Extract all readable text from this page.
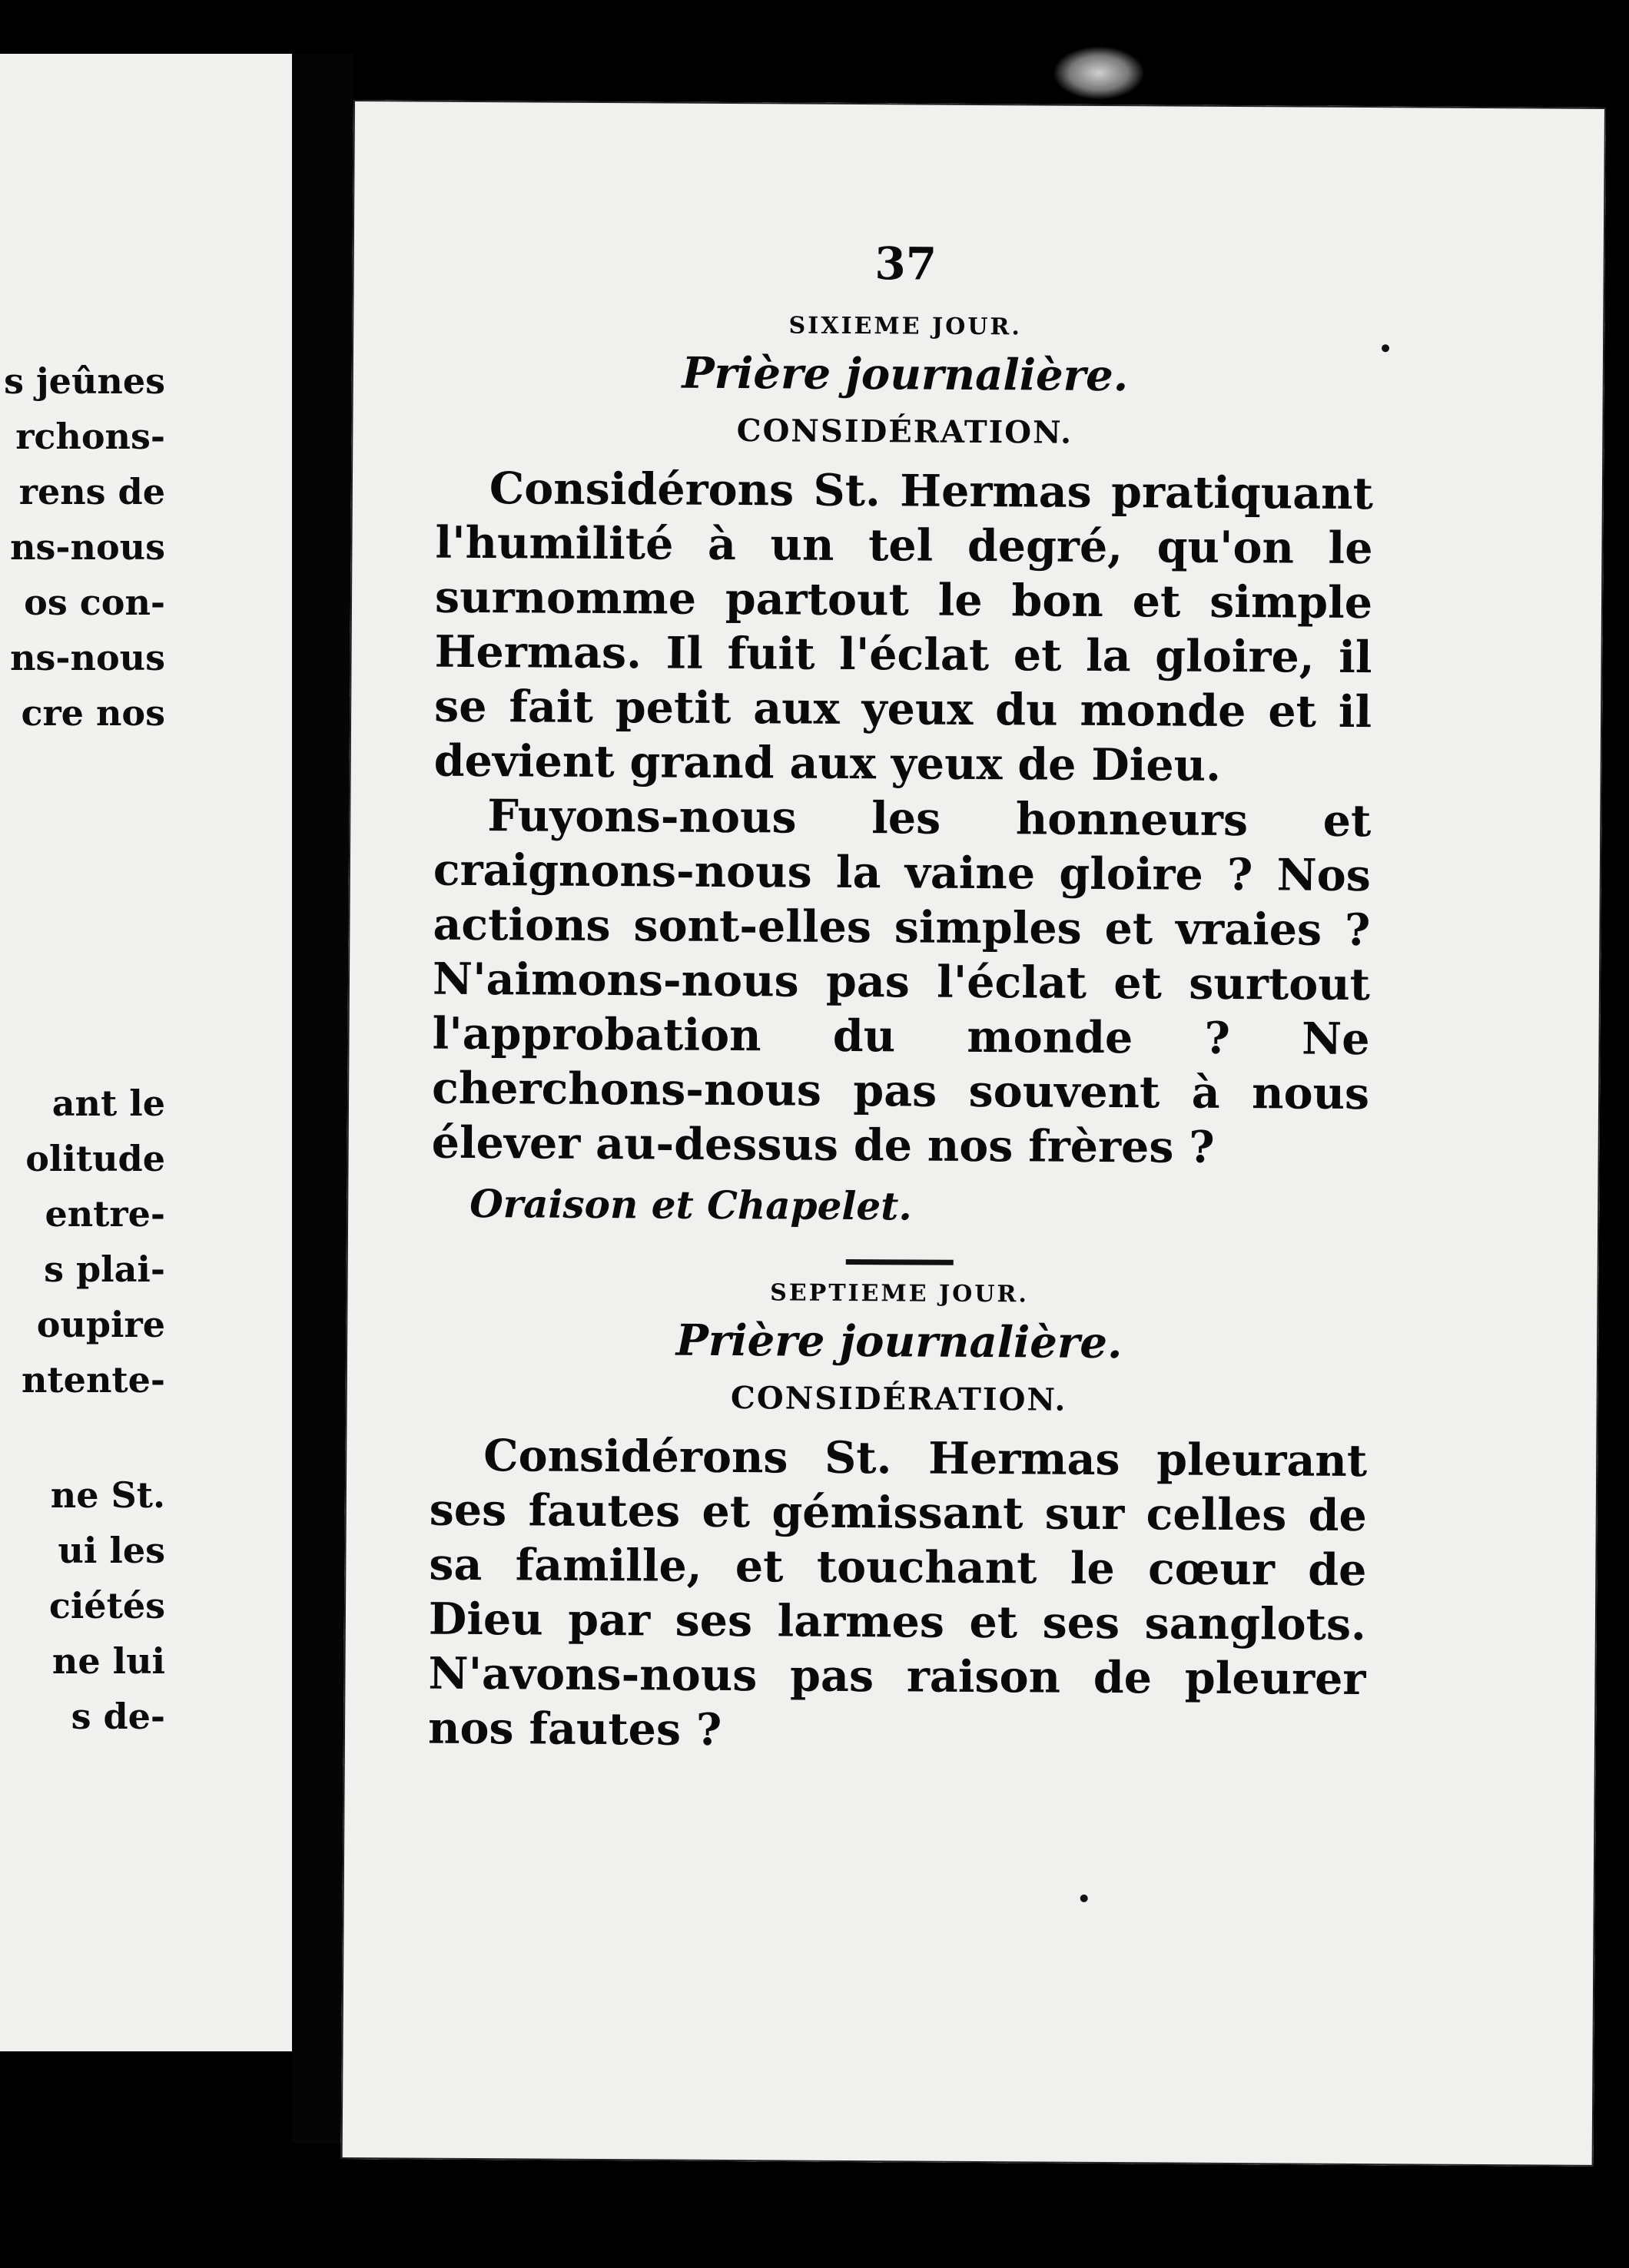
s jeûnes
rchons-
rens de
ns-nous
os con-
ns-nous
cre nos
ant le
olitude
entre-
s plai-
oupire
ntente-
ne St.
ui les
ciétés
ne lui
s de-
37
SIXIEME JOUR.
Prière journalière.
CONSIDÉRATION.

Considérons St. Hermas pratiquant l'humilité à un tel degré, qu'on le surnomme partout le bon et simple Hermas. Il fuit l'éclat et la gloire, il se fait petit aux yeux du monde et il devient grand aux yeux de Dieu.

Fuyons-nous les honneurs et craignons-nous la vaine gloire ? Nos actions sont-elles simples et vraies ? N'aimons-nous pas l'éclat et surtout l'approbation du monde ? Ne cherchons-nous pas souvent à nous élever au-dessus de nos frères ?

Oraison et Chapelet.
SEPTIEME JOUR.
Prière journalière.
CONSIDÉRATION.

Considérons St. Hermas pleurant ses fautes et gémissant sur celles de sa famille, et touchant le cœur de Dieu par ses larmes et ses sanglots. N'avons-nous pas raison de pleurer nos fautes ?
